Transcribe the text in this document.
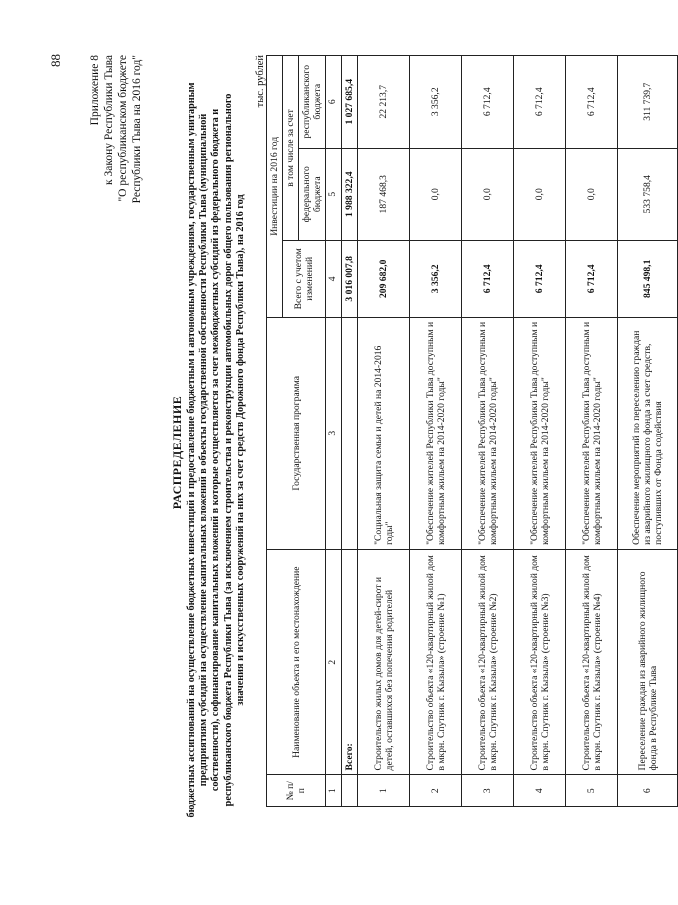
88 Приложение 8 к Закону Республики Тыва "О республиканском бюджете Республики Тыва на 2016 год"
РАСПРЕДЕЛЕНИЕ бюджетных ассигнований на осуществление бюджетных инвестиций и предоставление бюджетным и автономным учреждениям, государственным унитарным предприятиям субсидий на осуществление капитальных вложений в объекты государственной собственности Республики Тыва (муниципальной собственности), софинансирование капитальных вложений в которые осуществляется за счет межбюджетных субсидий из федерального бюджета и республиканского бюджета Республики Тыва (за исключением строительства и реконструкции автомобильных дорог общего пользования регионального значения и искусственных сооружений на них за счет средств Дорожного фонда Республики Тыва), на 2016 год
тыс. рублей
№ п/п	Наименование объекта и его местонахождение	Государственная программа	Инвестиции на 2016 год		
			Всего с учетом изменений	в том числе за счет	
				федерального бюджета	республиканского бюджета
1	2	3	4	5	6
	Всего:		3 016 007,8	1 988 322,4	1 027 685,4
1	Строительство жилых домов для детей-сирот и детей, оставшихся без попечения родителей	"Социальная защита семьи и детей на 2014-2016 годы"	209 682,0	187 468,3	22 213,7
2	Строительство объекта «120-квартирный жилой дом в мкрн. Спутник г. Кызыла» (строение №1)	"Обеспечение жителей Республики Тыва доступным и комфортным жильем на 2014-2020 годы"	3 356,2	0,0	3 356,2
3	Строительство объекта «120-квартирный жилой дом в мкрн. Спутник г. Кызыла» (строение №2)	"Обеспечение жителей Республики Тыва доступным и комфортным жильем на 2014-2020 годы"	6 712,4	0,0	6 712,4
4	Строительство объекта «120-квартирный жилой дом в мкрн. Спутник г. Кызыла» (строение №3)	"Обеспечение жителей Республики Тыва доступным и комфортным жильем на 2014-2020 годы"	6 712,4	0,0	6 712,4
5	Строительство объекта «120-квартирный жилой дом в мкрн. Спутник г. Кызыла» (строение №4)	"Обеспечение жителей Республики Тыва доступным и комфортным жильем на 2014-2020 годы"	6 712,4	0,0	6 712,4
6	Переселение граждан из аварийного жилищного фонда в Республике Тыва	Обеспечение мероприятий по переселению граждан из аварийного жилищного фонда за счет средств, поступивших от Фонда содействия	845 498,1	533 758,4	311 739,7
